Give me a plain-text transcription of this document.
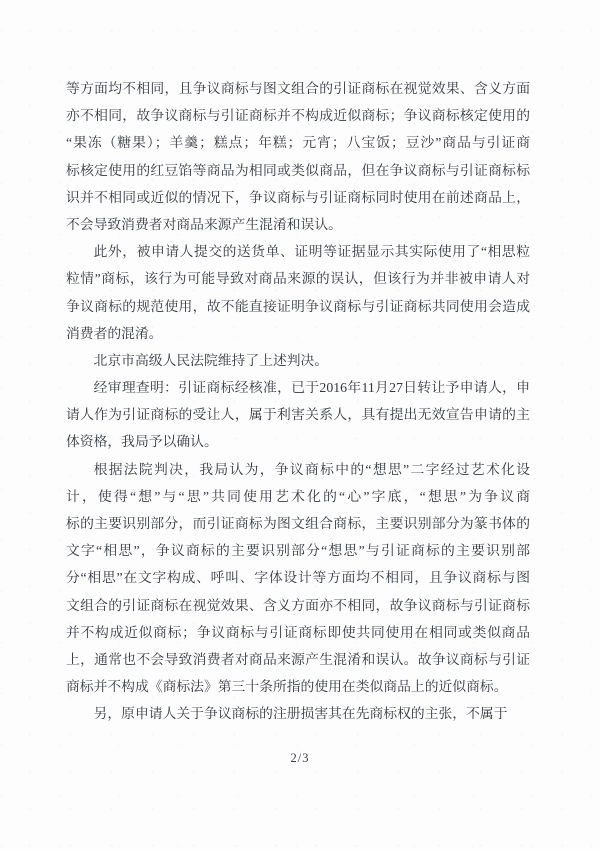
等方面均不相同，且争议商标与图文组合的引证商标在视觉效果、含义方面
亦不相同，故争议商标与引证商标并不构成近似商标；争议商标核定使用的
“果冻（糖果）；羊羹；糕点；年糕；元宵；八宝饭；豆沙”商品与引证商
标核定使用的红豆馅等商品为相同或类似商品，但在争议商标与引证商标标
识并不相同或近似的情况下，争议商标与引证商标同时使用在前述商品上，
不会导致消费者对商品来源产生混淆和误认。
此外，被申请人提交的送货单、证明等证据显示其实际使用了“相思粒
粒情”商标，该行为可能导致对商品来源的误认，但该行为并非被申请人对
争议商标的规范使用，故不能直接证明争议商标与引证商标共同使用会造成
消费者的混淆。
北京市高级人民法院维持了上述判决。
经审理查明：引证商标经核准，已于2016年11月27日转让予申请人，申
请人作为引证商标的受让人，属于利害关系人，具有提出无效宣告申请的主
体资格，我局予以确认。
根据法院判决，我局认为，争议商标中的“想思”二字经过艺术化设
计，使得“想”与“思”共同使用艺术化的“心”字底，“想思”为争议商
标的主要识别部分，而引证商标为图文组合商标，主要识别部分为篆书体的
文字“相思”，争议商标的主要识别部分“想思”与引证商标的主要识别部
分“相思”在文字构成、呼叫、字体设计等方面均不相同，且争议商标与图
文组合的引证商标在视觉效果、含义方面亦不相同，故争议商标与引证商标
并不构成近似商标；争议商标与引证商标即使共同使用在相同或类似商品
上，通常也不会导致消费者对商品来源产生混淆和误认。故争议商标与引证
商标并不构成《商标法》第三十条所指的使用在类似商品上的近似商标。
另，原申请人关于争议商标的注册损害其在先商标权的主张，不属于
2/3
